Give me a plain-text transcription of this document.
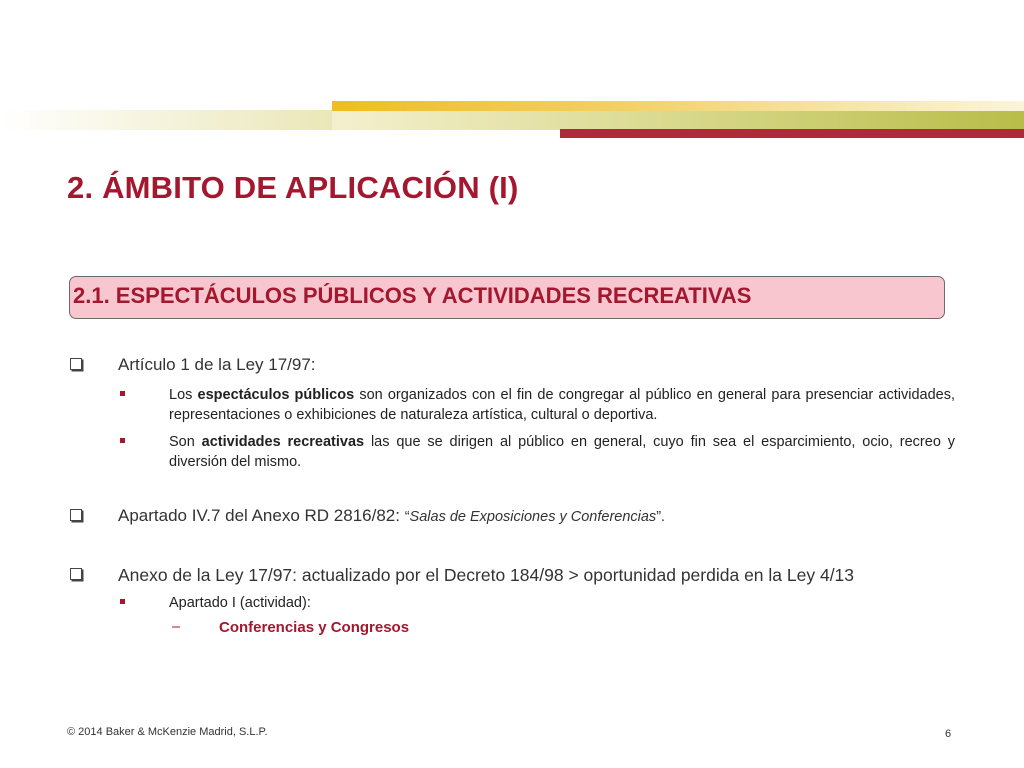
2. ÁMBITO DE APLICACIÓN (I)
2.1. ESPECTÁCULOS PÚBLICOS Y ACTIVIDADES RECREATIVAS
Artículo 1 de la Ley 17/97:
Los espectáculos públicos son organizados con el fin de congregar al público en general para presenciar actividades, representaciones o exhibiciones de naturaleza artística, cultural o deportiva.
Son actividades recreativas las que se dirigen al público en general, cuyo fin sea el esparcimiento, ocio, recreo y diversión del mismo.
Apartado IV.7 del Anexo RD 2816/82: “Salas de Exposiciones y Conferencias”.
Anexo de la Ley 17/97: actualizado por el Decreto 184/98 > oportunidad perdida en la Ley 4/13
Apartado I (actividad):
–	Conferencias y Congresos
© 2014 Baker & McKenzie Madrid, S.L.P.	6
